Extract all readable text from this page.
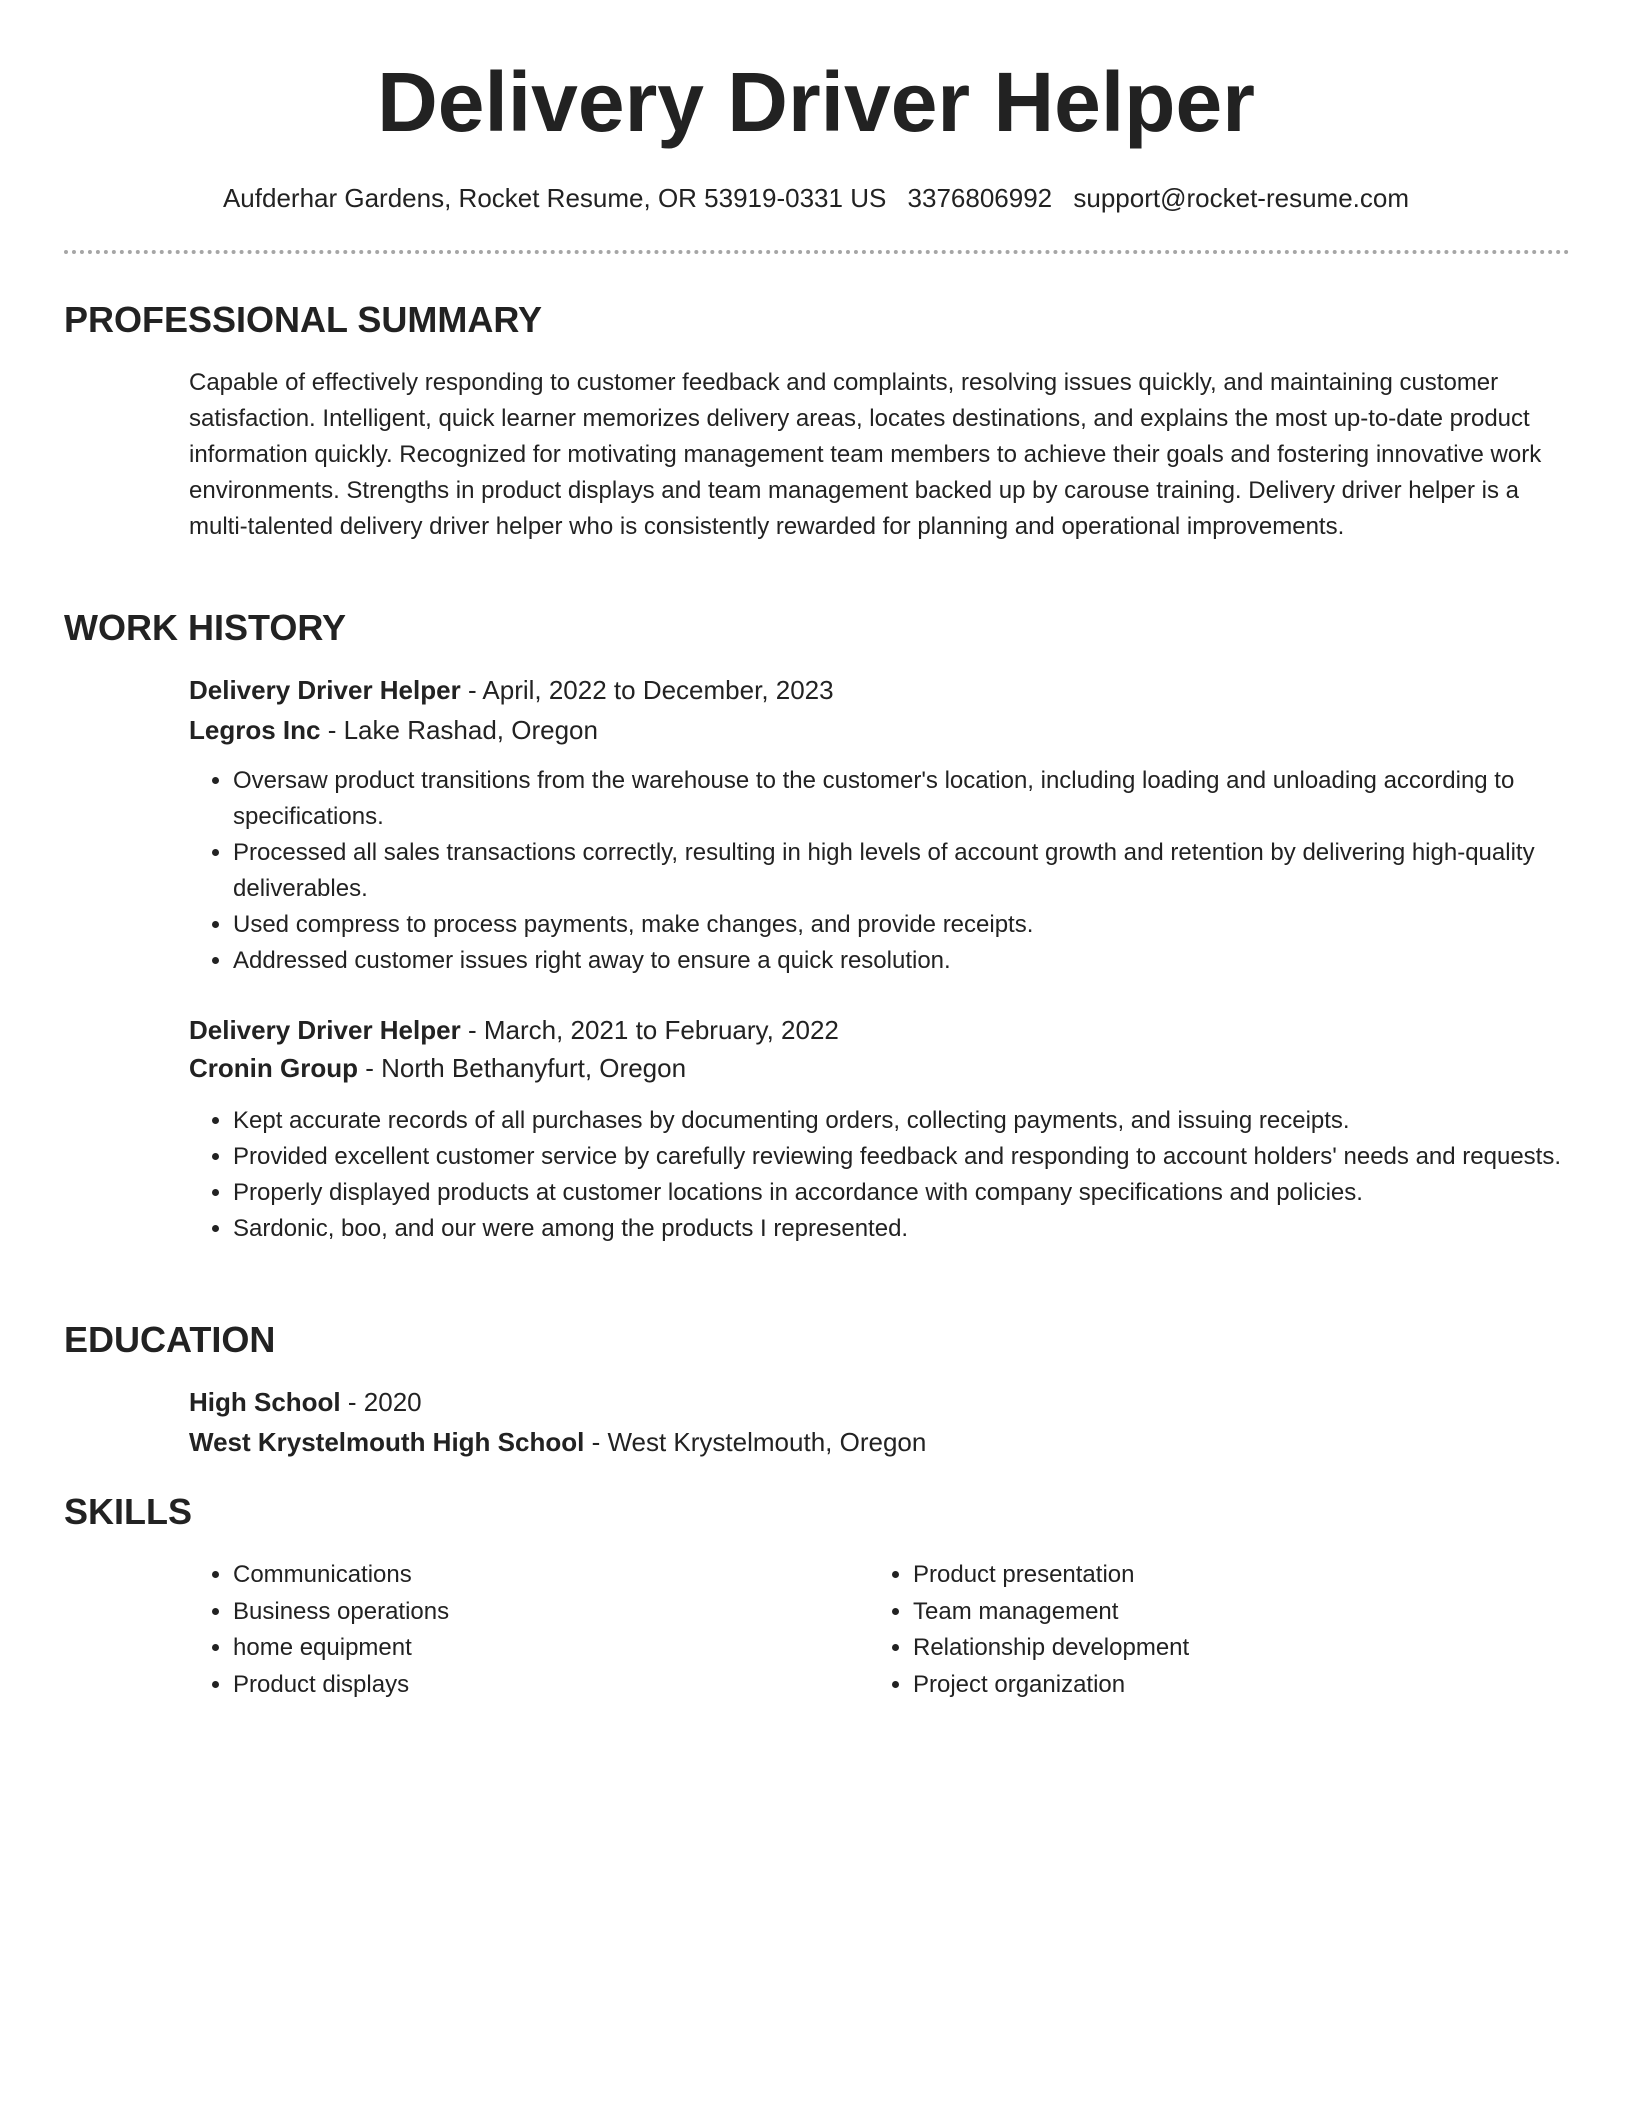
Delivery Driver Helper
Aufderhar Gardens, Rocket Resume, OR 53919-0331 US 3376806992 support@rocket-resume.com
PROFESSIONAL SUMMARY

Capable of effectively responding to customer feedback and complaints, resolving issues quickly, and maintaining customer satisfaction. Intelligent, quick learner memorizes delivery areas, locates destinations, and explains the most up-to-date product information quickly. Recognized for motivating management team members to achieve their goals and fostering innovative work environments. Strengths in product displays and team management backed up by carouse training. Delivery driver helper is a multi-talented delivery driver helper who is consistently rewarded for planning and operational improvements.

WORK HISTORY
Delivery Driver Helper - April, 2022 to December, 2023
Legros Inc - Lake Rashad, Oregon
• Oversaw product transitions from the warehouse to the customer's location, including loading and unloading according to specifications.
• Processed all sales transactions correctly, resulting in high levels of account growth and retention by delivering high-quality deliverables.
• Used compress to process payments, make changes, and provide receipts.
• Addressed customer issues right away to ensure a quick resolution.
Delivery Driver Helper - March, 2021 to February, 2022
Cronin Group - North Bethanyfurt, Oregon
• Kept accurate records of all purchases by documenting orders, collecting payments, and issuing receipts.
• Provided excellent customer service by carefully reviewing feedback and responding to account holders' needs and requests.
• Properly displayed products at customer locations in accordance with company specifications and policies.
• Sardonic, boo, and our were among the products I represented.
EDUCATION
High School - 2020
West Krystelmouth High School - West Krystelmouth, Oregon
SKILLS
• Communications
• Business operations
• home equipment
• Product displays
• Product presentation
• Team management
• Relationship development
• Project organization
